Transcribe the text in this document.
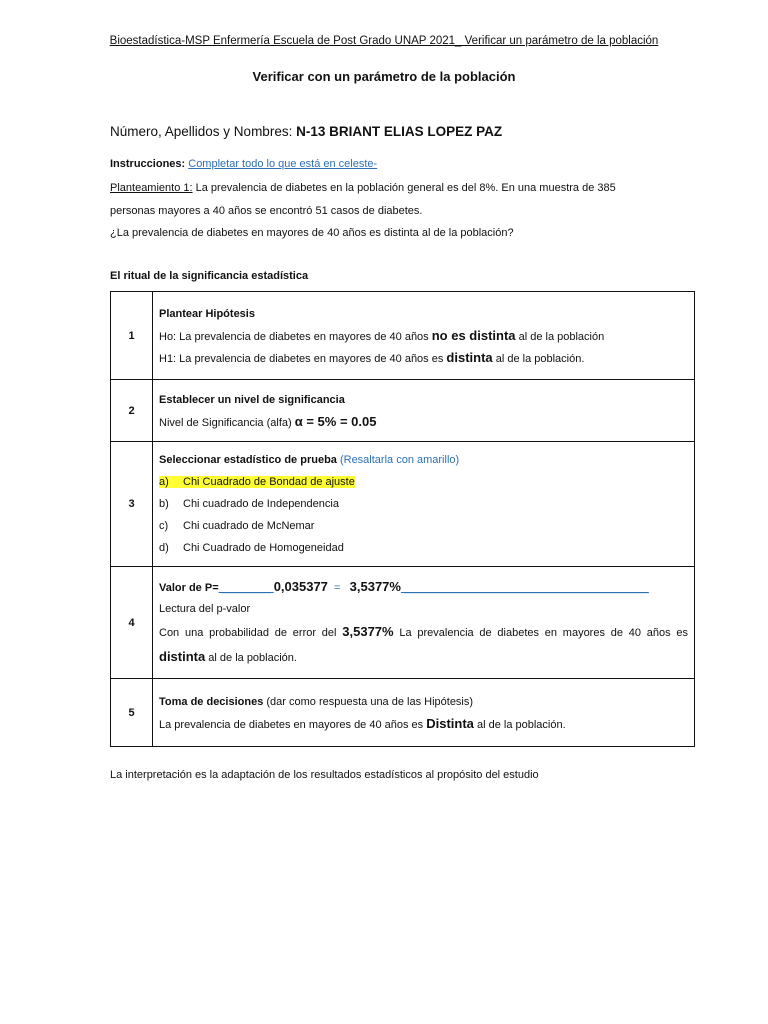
Bioestadística-MSP Enfermería Escuela de Post Grado UNAP 2021_ Verificar un parámetro de la población
Verificar con un parámetro de la población
Número, Apellidos y Nombres: N-13 BRIANT ELIAS LOPEZ PAZ
Instrucciones: Completar todo lo que está en celeste-
Planteamiento 1: La prevalencia de diabetes en la población general es del 8%. En una muestra de 385
personas mayores a 40 años se encontró 51 casos de diabetes.
¿La prevalencia de diabetes en mayores de 40 años es distinta al de la población?
El ritual de la significancia estadística
1	Plantear Hipótesis
Ho: La prevalencia de diabetes en mayores de 40 años no es distinta al de la población
H1: La prevalencia de diabetes en mayores de 40 años es distinta al de la población.

2	Establecer un nivel de significancia
Nivel de Significancia (alfa) α = 5% = 0.05

3	Seleccionar estadístico de prueba (Resaltarla con amarillo)
a) Chi Cuadrado de Bondad de ajuste
b) Chi cuadrado de Independencia
c) Chi cuadrado de McNemar
d) Chi Cuadrado de Homogeneidad

4	Valor de P= ________ 0,035377  =   3,5377% ________________________________________
Lectura del p-valor
Con una probabilidad de error del 3,5377% La prevalencia de diabetes en mayores de 40 años es distinta al de la población.

5	Toma de decisiones (dar como respuesta una de las Hipótesis)
La prevalencia de diabetes en mayores de 40 años es Distinta al de la población.
La interpretación es la adaptación de los resultados estadísticos al propósito del estudio
